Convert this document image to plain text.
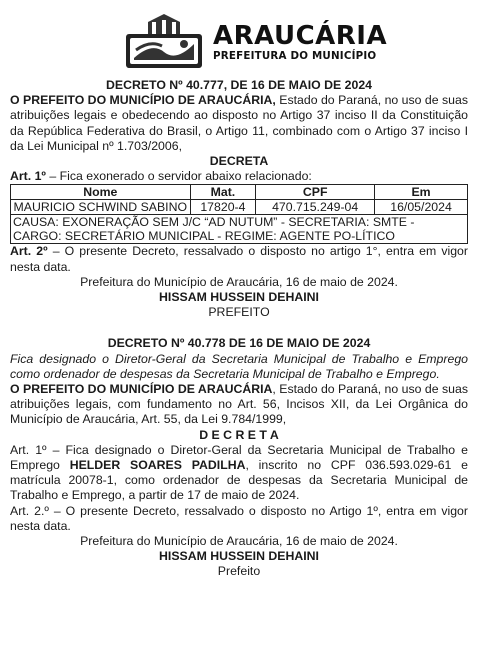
ARAUCÁRIA
PREFEITURA DO MUNICÍPIO
DECRETO Nº 40.777, DE 16 DE MAIO DE 2024

O PREFEITO DO MUNICÍPIO DE ARAUCÁRIA, Estado do Paraná, no uso de suas atribuições legais e obedecendo ao disposto no Artigo 37 inciso II da Constituição da República Federativa do Brasil, o Artigo 11, combinado com o Artigo 37 inciso I da Lei Municipal nº 1.703/2006,

DECRETA

Art. 1º – Fica exonerado o servidor abaixo relacionado:

Nome	Mat.	CPF	Em
MAURICIO SCHWIND SABINO	17820-4	470.715.249-04	16/05/2024
CAUSA: EXONERAÇÃO SEM J/C “AD NUTUM” - SECRETARIA: SMTE - CARGO: SECRETÁRIO MUNICIPAL - REGIME: AGENTE PO-LÍTICO			

Art. 2º – O presente Decreto, ressalvado o disposto no artigo 1°, entra em vigor nesta data.

Prefeitura do Município de Araucária, 16 de maio de 2024.
HISSAM HUSSEIN DEHAINI
PREFEITO
DECRETO Nº 40.778 DE 16 DE MAIO DE 2024

Fica designado o Diretor-Geral da Secretaria Municipal de Trabalho e Emprego como ordenador de despesas da Secretaria Municipal de Trabalho e Emprego.

O PREFEITO DO MUNICÍPIO DE ARAUCÁRIA, Estado do Paraná, no uso de suas atribuições legais, com fundamento no Art. 56, Incisos XII, da Lei Orgânica do Município de Araucária, Art. 55, da Lei 9.784/1999,

D E C R E T A

Art. 1º – Fica designado o Diretor-Geral da Secretaria Municipal de Trabalho e Emprego HELDER SOARES PADILHA, inscrito no CPF 036.593.029-61 e matrícula 20078-1, como ordenador de despesas da Secretaria Municipal de Trabalho e Emprego, a partir de 17 de maio de 2024.

Art. 2.º – O presente Decreto, ressalvado o disposto no Artigo 1º, entra em vigor nesta data.

Prefeitura do Município de Araucária, 16 de maio de 2024.
HISSAM HUSSEIN DEHAINI
Prefeito
